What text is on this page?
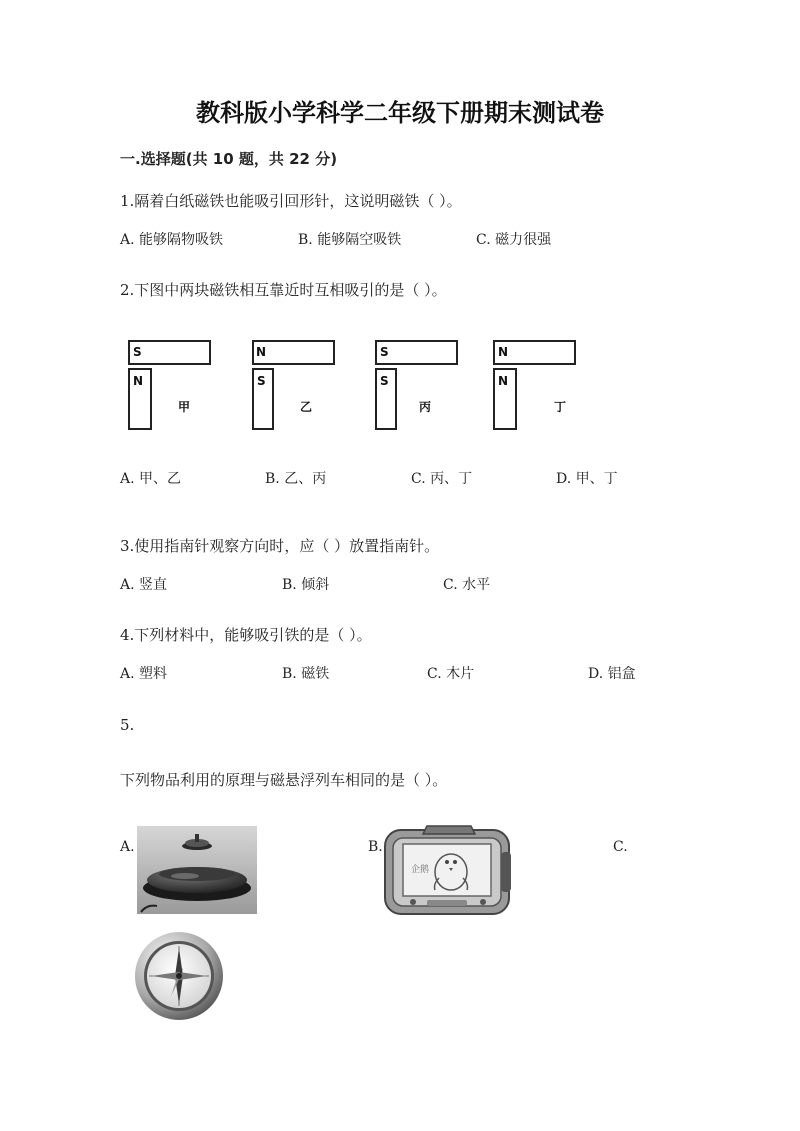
教科版小学科学二年级下册期末测试卷
一.选择题(共 10 题，共 22 分)
1.隔着白纸磁铁也能吸引回形针，这说明磁铁（ ）。
A. 能够隔物吸铁	B. 能够隔空吸铁	C. 磁力很强
2.下图中两块磁铁相互靠近时互相吸引的是（ ）。
S
N
甲
N
S
乙
S
S
丙
N
N
丁
A. 甲、乙	B. 乙、丙	C. 丙、丁	D. 甲、丁
3.使用指南针观察方向时，应（ ）放置指南针。
A. 竖直	B. 倾斜	C. 水平
4.下列材料中，能够吸引铁的是（ ）。
A. 塑料	B. 磁铁	C. 木片	D. 铝盒
5.
下列物品利用的原理与磁悬浮列车相同的是（ ）。
A.	B.	C.
企鹅
